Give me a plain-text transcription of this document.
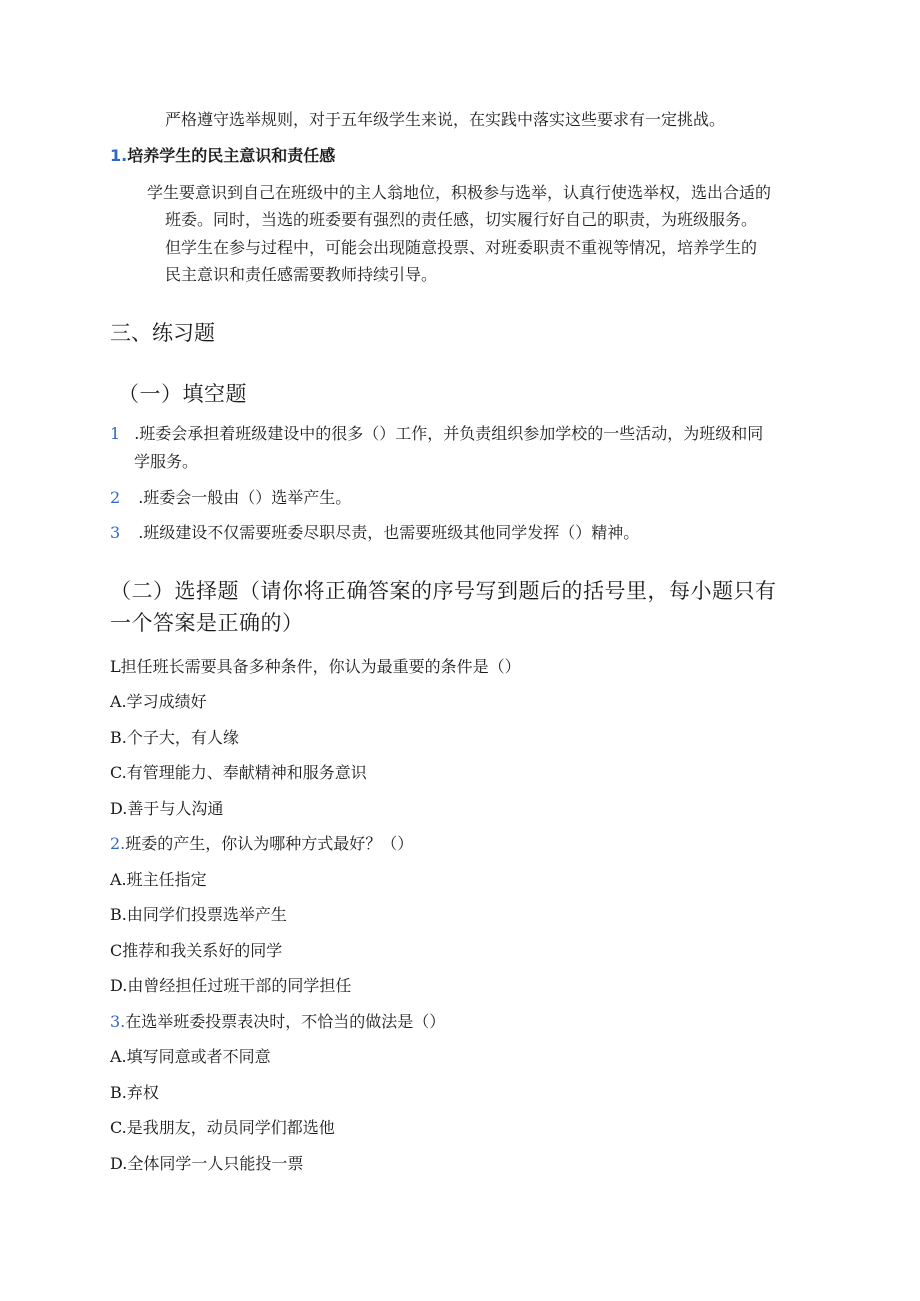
严格遵守选举规则，对于五年级学生来说，在实践中落实这些要求有一定挑战。
1.培养学生的民主意识和责任感
学生要意识到自己在班级中的主人翁地位，积极参与选举，认真行使选举权，选出合适的
班委。同时，当选的班委要有强烈的责任感，切实履行好自己的职责，为班级服务。
但学生在参与过程中，可能会出现随意投票、对班委职责不重视等情况，培养学生的
民主意识和责任感需要教师持续引导。
三、练习题
（一）填空题
1 .班委会承担着班级建设中的很多（）工作，并负责组织参加学校的一些活动，为班级和同
学服务。
2 .班委会一般由（）选举产生。
3 .班级建设不仅需要班委尽职尽责，也需要班级其他同学发挥（）精神。
（二）选择题（请你将正确答案的序号写到题后的括号里，每小题只有
一个答案是正确的）
L担任班长需要具备多种条件，你认为最重要的条件是（）
A.学习成绩好
B.个子大，有人缘
C.有管理能力、奉献精神和服务意识
D.善于与人沟通
2.班委的产生，你认为哪种方式最好？（）
A.班主任指定
B.由同学们投票选举产生
C推荐和我关系好的同学
D.由曾经担任过班干部的同学担任
3.在选举班委投票表决时，不恰当的做法是（）
A.填写同意或者不同意
B.弃权
C.是我朋友，动员同学们都选他
D.全体同学一人只能投一票
